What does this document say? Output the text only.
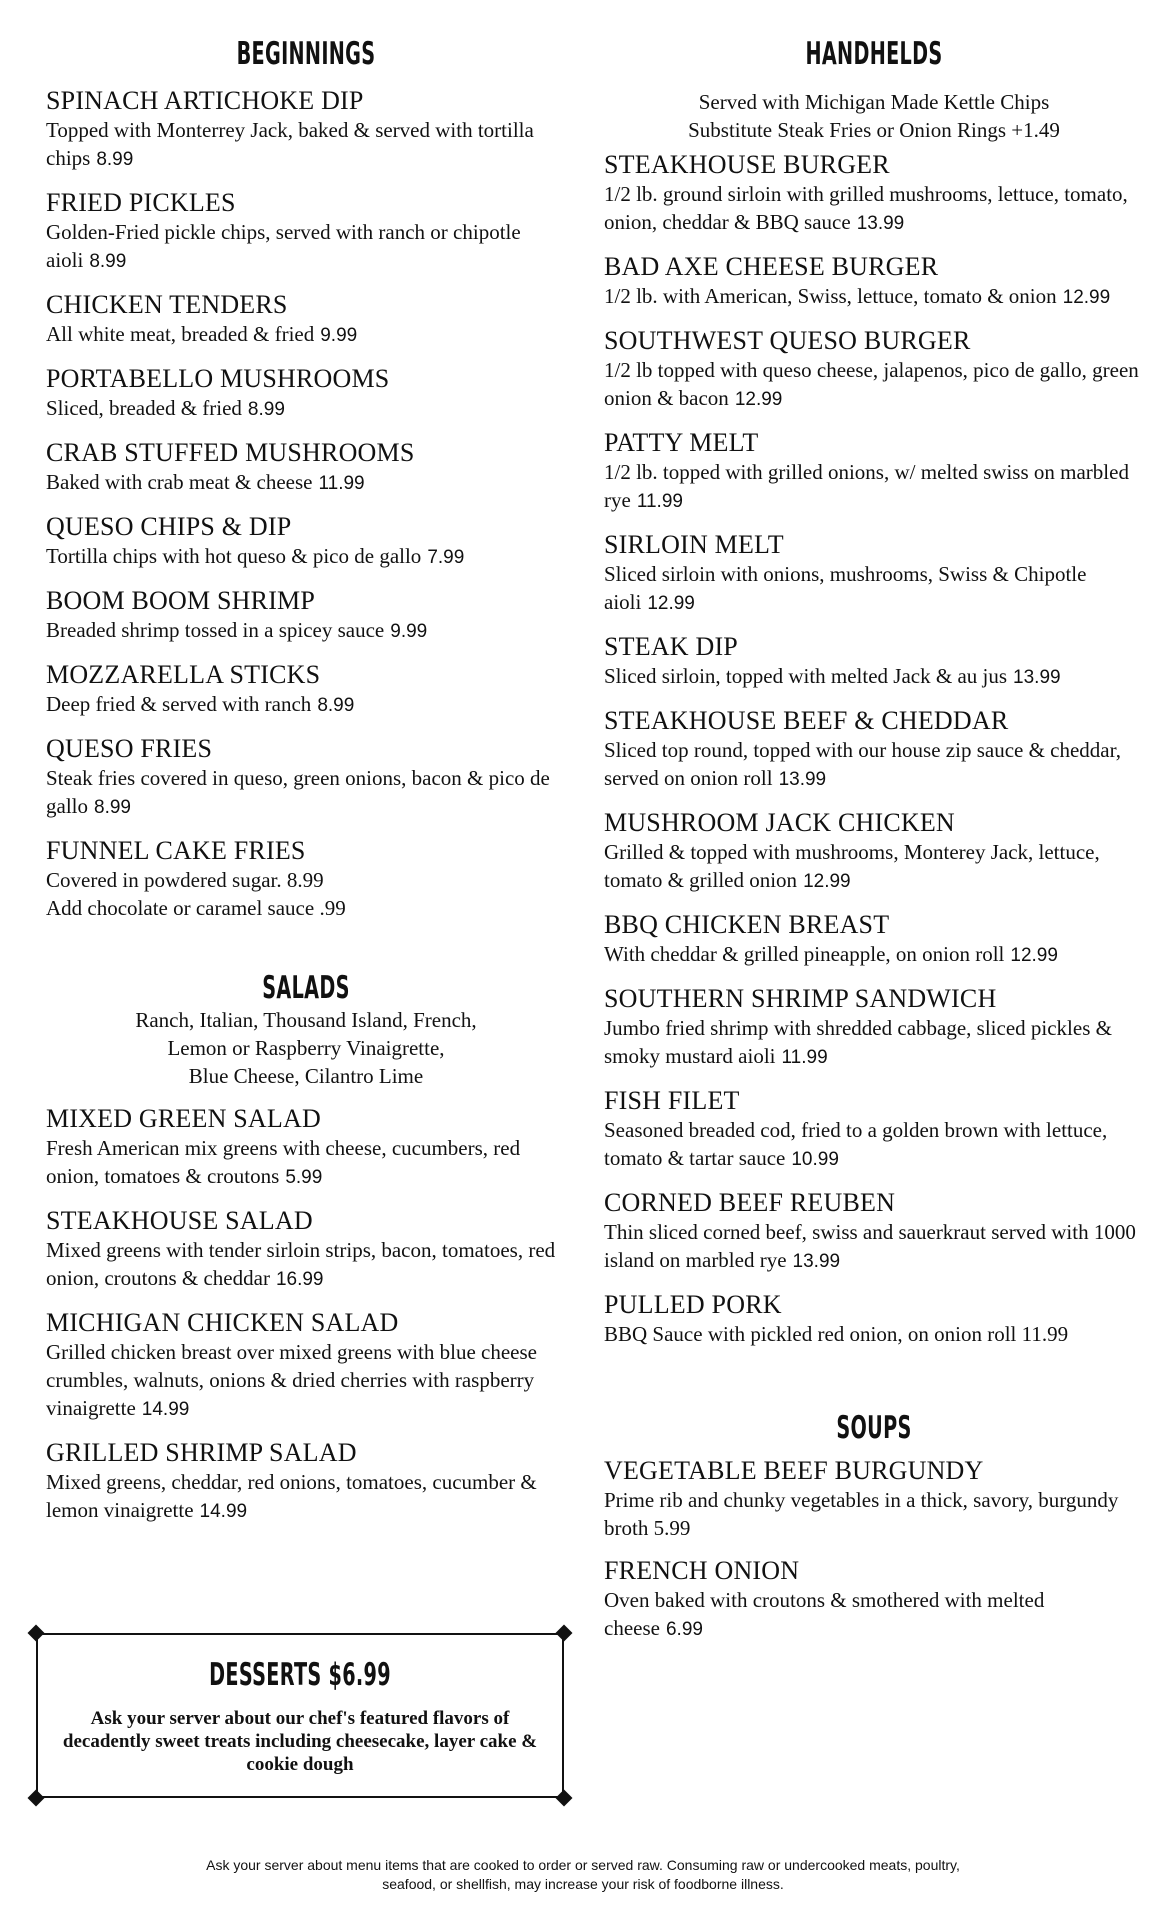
BEGINNINGS
SPINACH ARTICHOKE DIP
Topped with Monterrey Jack, baked & served with tortilla chips 8.99
FRIED PICKLES
Golden-Fried pickle chips, served with ranch or chipotle aioli 8.99
CHICKEN TENDERS
All white meat, breaded & fried 9.99
PORTABELLO MUSHROOMS
Sliced, breaded & fried 8.99
CRAB STUFFED MUSHROOMS
Baked with crab meat & cheese 11.99
QUESO CHIPS & DIP
Tortilla chips with hot queso & pico de gallo 7.99
BOOM BOOM SHRIMP
Breaded shrimp tossed in a spicey sauce 9.99
MOZZARELLA STICKS
Deep fried & served with ranch 8.99
QUESO FRIES
Steak fries covered in queso, green onions, bacon & pico de gallo 8.99
FUNNEL CAKE FRIES
Covered in powdered sugar. 8.99
Add chocolate or caramel sauce .99
SALADS
Ranch, Italian, Thousand Island, French,
Lemon or Raspberry Vinaigrette,
Blue Cheese, Cilantro Lime
MIXED GREEN SALAD
Fresh American mix greens with cheese, cucumbers, red onion, tomatoes & croutons 5.99
STEAKHOUSE SALAD
Mixed greens with tender sirloin strips, bacon, tomatoes, red onion, croutons & cheddar 16.99
MICHIGAN CHICKEN SALAD
Grilled chicken breast over mixed greens with blue cheese crumbles, walnuts, onions & dried cherries with raspberry vinaigrette 14.99
GRILLED SHRIMP SALAD
Mixed greens, cheddar, red onions, tomatoes, cucumber & lemon vinaigrette 14.99
DESSERTS $6.99
Ask your server about our chef's featured flavors of decadently sweet treats including cheesecake, layer cake & cookie dough
HANDHELDS
Served with Michigan Made Kettle Chips
Substitute Steak Fries or Onion Rings +1.49
STEAKHOUSE BURGER
1/2 lb. ground sirloin with grilled mushrooms, lettuce, tomato, onion, cheddar & BBQ sauce 13.99
BAD AXE CHEESE BURGER
1/2 lb. with American, Swiss, lettuce, tomato & onion 12.99
SOUTHWEST QUESO BURGER
1/2 lb topped with queso cheese, jalapenos, pico de gallo, green onion & bacon 12.99
PATTY MELT
1/2 lb. topped with grilled onions, w/ melted swiss on marbled rye 11.99
SIRLOIN MELT
Sliced sirloin with onions, mushrooms, Swiss & Chipotle aioli 12.99
STEAK DIP
Sliced sirloin, topped with melted Jack & au jus 13.99
STEAKHOUSE BEEF & CHEDDAR
Sliced top round, topped with our house zip sauce & cheddar, served on onion roll 13.99
MUSHROOM JACK CHICKEN
Grilled & topped with mushrooms, Monterey Jack, lettuce, tomato & grilled onion 12.99
BBQ CHICKEN BREAST
With cheddar & grilled pineapple, on onion roll 12.99
SOUTHERN SHRIMP SANDWICH
Jumbo fried shrimp with shredded cabbage, sliced pickles & smoky mustard aioli 11.99
FISH FILET
Seasoned breaded cod, fried to a golden brown with lettuce, tomato & tartar sauce 10.99
CORNED BEEF REUBEN
Thin sliced corned beef, swiss and sauerkraut served with 1000 island on marbled rye 13.99
PULLED PORK
BBQ Sauce with pickled red onion, on onion roll 11.99
SOUPS
VEGETABLE BEEF BURGUNDY
Prime rib and chunky vegetables in a thick, savory, burgundy broth 5.99
FRENCH ONION
Oven baked with croutons & smothered with melted cheese 6.99
Ask your server about menu items that are cooked to order or served raw. Consuming raw or undercooked meats, poultry,
seafood, or shellfish, may increase your risk of foodborne illness.
